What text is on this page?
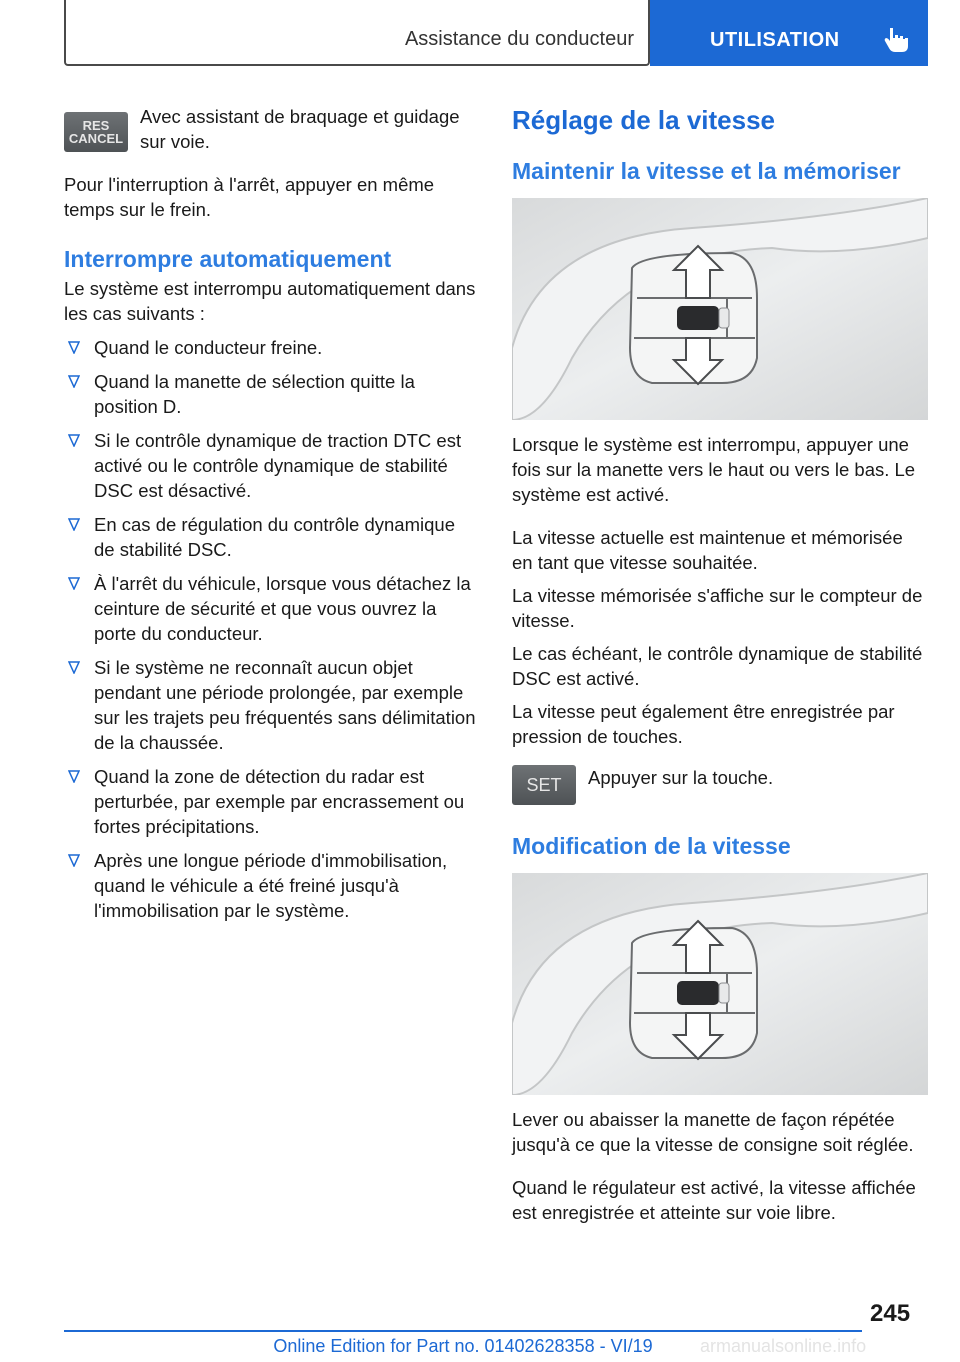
Assistance du conducteur	UTILISATION
RES
CANCEL

Avec assistant de braquage et guidage sur voie.

Pour l'interruption à l'arrêt, appuyer en même temps sur le frein.

Interrompre automatiquement

Le système est interrompu automatiquement dans les cas suivants :

Quand le conducteur freine.
Quand la manette de sélection quitte la position D.
Si le contrôle dynamique de traction DTC est activé ou le contrôle dynamique de stabilité DSC est désactivé.
En cas de régulation du contrôle dynamique de stabilité DSC.
À l'arrêt du véhicule, lorsque vous détachez la ceinture de sécurité et que vous ouvrez la porte du conducteur.
Si le système ne reconnaît aucun objet pendant une période prolongée, par exemple sur les trajets peu fréquentés sans délimitation de la chaussée.
Quand la zone de détection du radar est perturbée, par exemple par encrassement ou fortes précipitations.
Après une longue période d'immobilisation, quand le véhicule a été freiné jusqu'à l'immobilisation par le système.
Réglage de la vitesse
Maintenir la vitesse et la mémoriser

Lorsque le système est interrompu, appuyer une fois sur la manette vers le haut ou vers le bas. Le système est activé.

La vitesse actuelle est maintenue et mémorisée en tant que vitesse souhaitée.

La vitesse mémorisée s'affiche sur le compteur de vitesse.

Le cas échéant, le contrôle dynamique de stabilité DSC est activé.

La vitesse peut également être enregistrée par pression de touches.

SET Appuyer sur la touche.

Modification de la vitesse

Lever ou abaisser la manette de façon répétée jusqu'à ce que la vitesse de consigne soit réglée.

Quand le régulateur est activé, la vitesse affichée est enregistrée et atteinte sur voie libre.

245
Online Edition for Part no. 01402628358 - VI/19	armanualsonline.info
